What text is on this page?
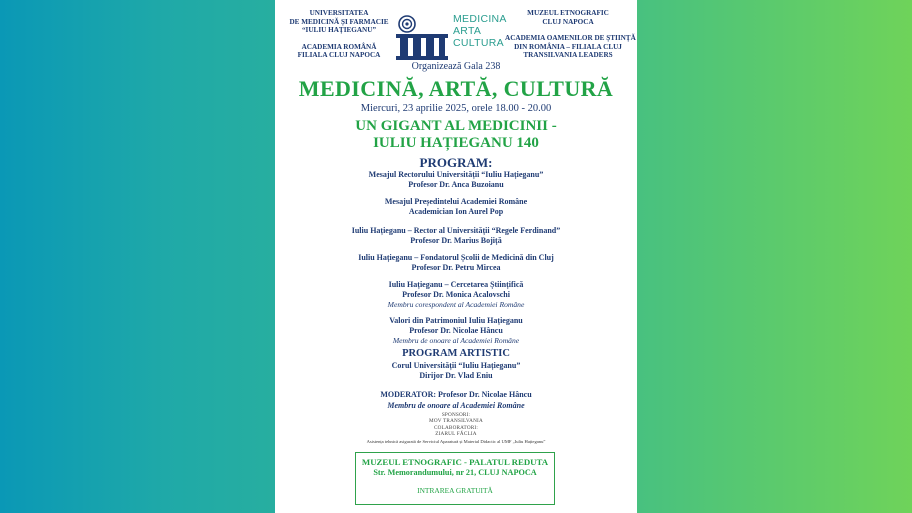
UNIVERSITATEA
DE MEDICINĂ ȘI FARMACIE
“IULIU HAȚIEGANU”
ACADEMIA ROMÂNĂ
FILIALA CLUJ NAPOCA
MEDICINA
ARTA
CULTURA
MUZEUL ETNOGRAFIC
CLUJ NAPOCA
ACADEMIA OAMENILOR DE ȘTIINȚĂ
DIN ROMÂNIA – FILIALA CLUJ
TRANSILVANIA LEADERS
Organizează Gala 238
MEDICINĂ, ARTĂ, CULTURĂ
Miercuri, 23 aprilie 2025, orele 18.00 - 20.00
UN GIGANT AL MEDICINII -
IULIU HAȚIEGANU 140
PROGRAM:
Mesajul Rectorului Universității “Iuliu Hațieganu”
Profesor Dr. Anca Buzoianu
Mesajul Președintelui Academiei Române
Academician Ion Aurel Pop
Iuliu Hațieganu – Rector al Universității “Regele Ferdinand”
Profesor Dr. Marius Bojiță
Iuliu Hațieganu – Fondatorul Școlii de Medicină din Cluj
Profesor Dr. Petru Mircea
Iuliu Hațieganu – Cercetarea Științifică
Profesor Dr. Monica Acalovschi
Membru corespondent al Academiei Române
Valori din Patrimoniul Iuliu Hațieganu
Profesor Dr. Nicolae Hâncu
Membru de onoare al Academiei Române
PROGRAM ARTISTIC
Corul Universității “Iuliu Hațieganu”
Dirijor Dr. Vlad Eniu
MODERATOR: Profesor Dr. Nicolae Hâncu
Membru de onoare al Academiei Române
SPONSORI:
MOV TRANSILVANIA
COLABORATORI:
ZIARUL FĂCLIA
Asistența tehnică asigurată de Serviciul Aparatură și Material Didactic al UMF „Iuliu Hațieganu”
MUZEUL ETNOGRAFIC - PALATUL REDUTA
Str. Memorandumului, nr 21, CLUJ NAPOCA
INTRAREA GRATUITĂ
